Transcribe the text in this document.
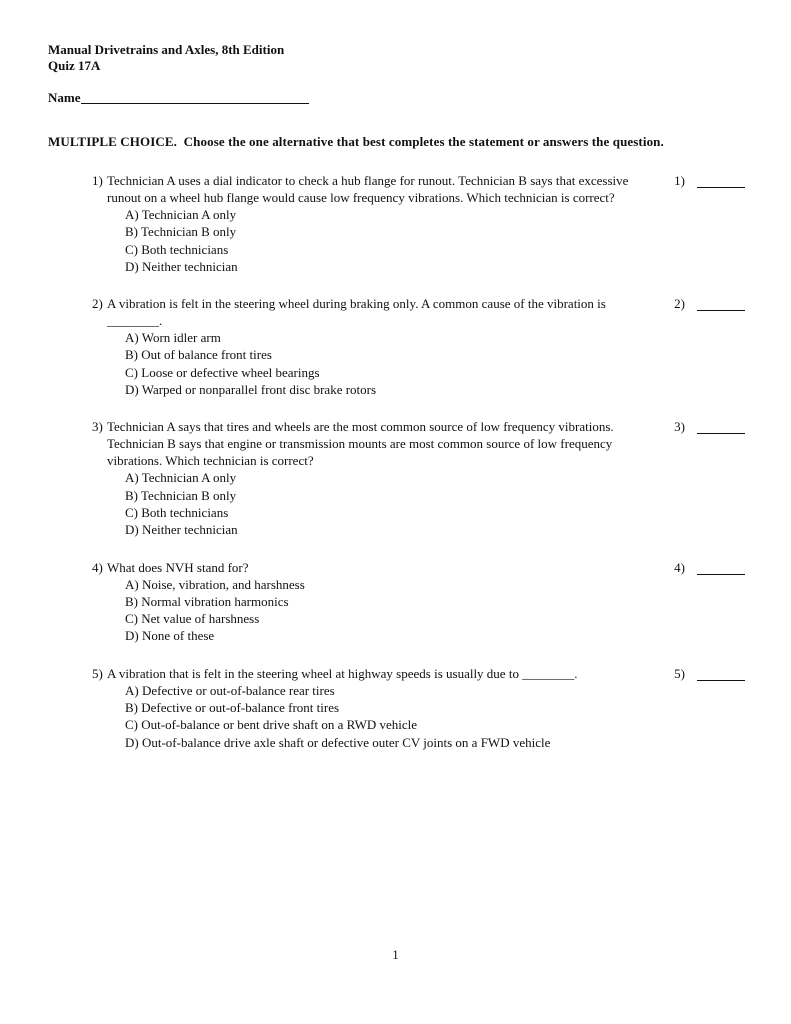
Manual Drivetrains and Axles, 8th Edition
Quiz 17A
Name
MULTIPLE CHOICE.  Choose the one alternative that best completes the statement or answers the question.
1) Technician A uses a dial indicator to check a hub flange for runout. Technician B says that excessive runout on a wheel hub flange would cause low frequency vibrations. Which technician is correct?
A) Technician A only
B) Technician B only
C) Both technicians
D) Neither technician
1)
2) A vibration is felt in the steering wheel during braking only. A common cause of the vibration is ________.
A) Worn idler arm
B) Out of balance front tires
C) Loose or defective wheel bearings
D) Warped or nonparallel front disc brake rotors
2)
3) Technician A says that tires and wheels are the most common source of low frequency vibrations. Technician B says that engine or transmission mounts are most common source of low frequency vibrations. Which technician is correct?
A) Technician A only
B) Technician B only
C) Both technicians
D) Neither technician
3)
4) What does NVH stand for?
A) Noise, vibration, and harshness
B) Normal vibration harmonics
C) Net value of harshness
D) None of these
4)
5) A vibration that is felt in the steering wheel at highway speeds is usually due to ________.
A) Defective or out-of-balance rear tires
B) Defective or out-of-balance front tires
C) Out-of-balance or bent drive shaft on a RWD vehicle
D) Out-of-balance drive axle shaft or defective outer CV joints on a FWD vehicle
5)
1
